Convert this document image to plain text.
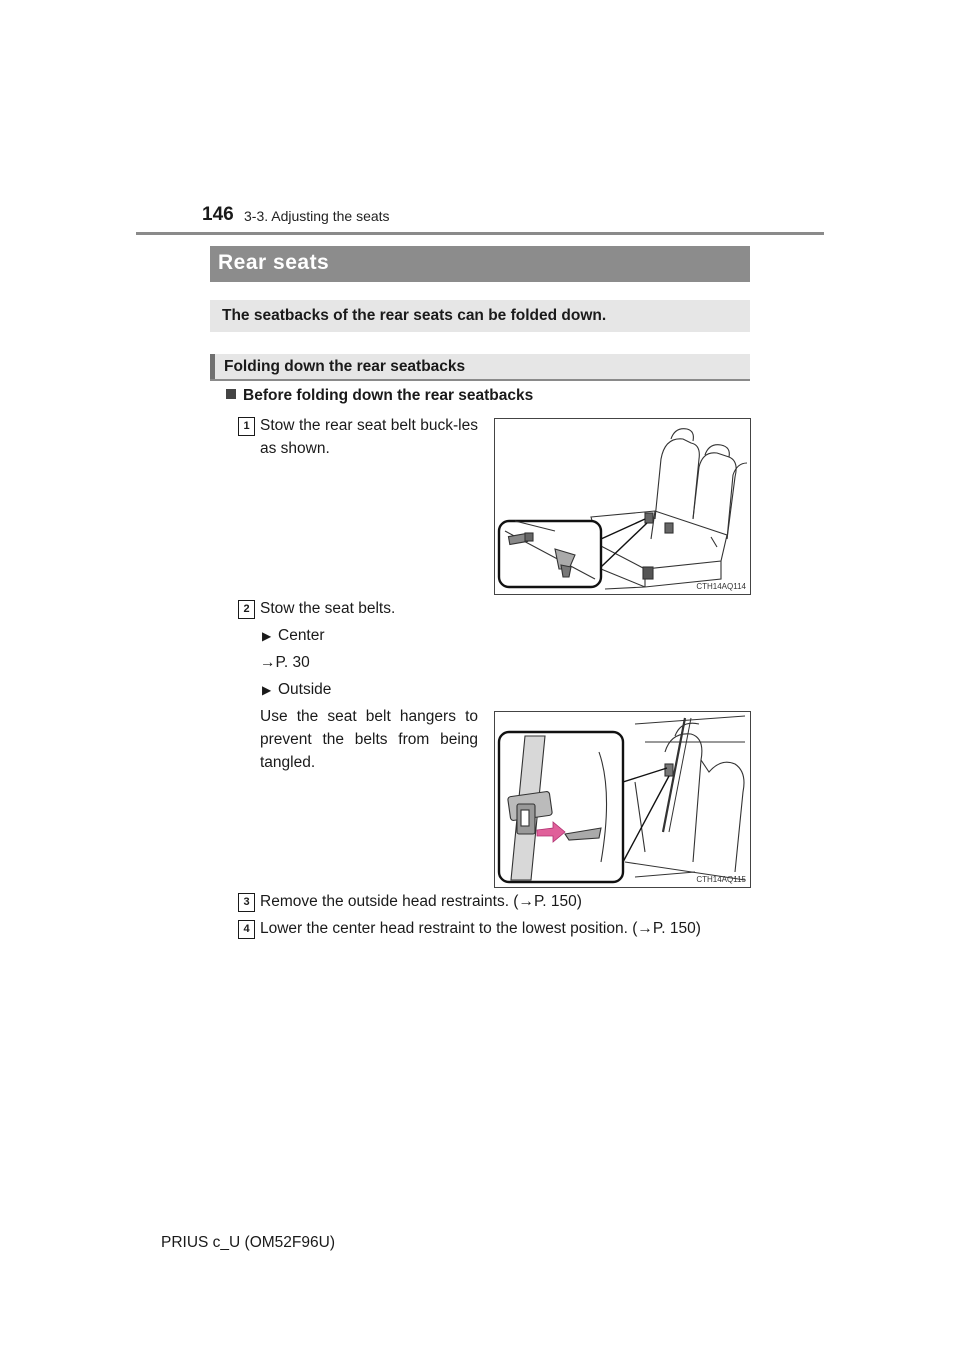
146 3-3. Adjusting the seats
Rear seats
The seatbacks of the rear seats can be folded down.
Folding down the rear seatbacks
Before folding down the rear seatbacks
1 Stow the rear seat belt buck-les as shown.
CTH14AQ114
2 Stow the seat belts.
▶ Center
→P. 30
▶ Outside
Use the seat belt hangers to prevent the belts from being tangled.
CTH14AQ115
3 Remove the outside head restraints. (→P. 150)
4 Lower the center head restraint to the lowest position. (→P. 150)
PRIUS c_U (OM52F96U)
